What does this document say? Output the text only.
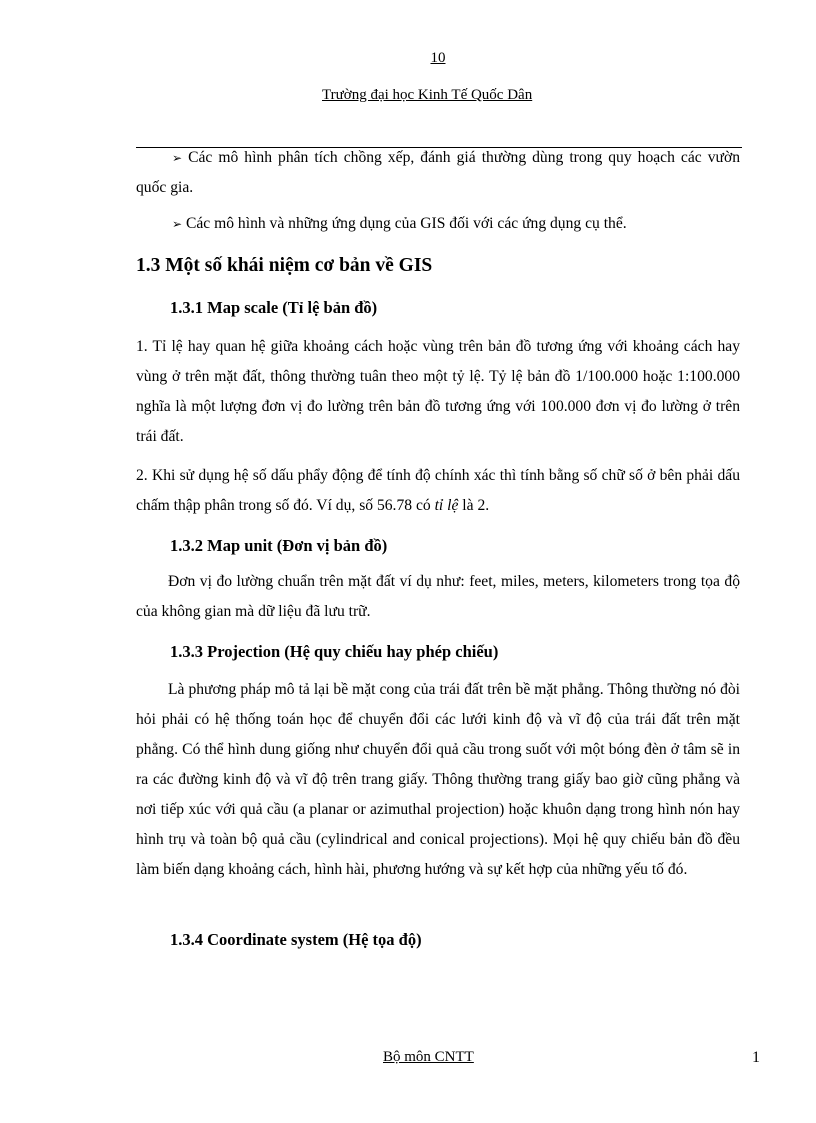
10
Trường đại học Kinh Tế Quốc Dân
➢ Các mô hình phân tích chồng xếp, đánh giá thường dùng trong quy hoạch các vườn quốc gia.
➢ Các mô hình và những ứng dụng của GIS đối với các ứng dụng cụ thể.
1.3 Một số khái niệm cơ bản về GIS
1.3.1 Map scale (Tỉ lệ bản đồ)
1. Tỉ lệ hay quan hệ giữa khoảng cách hoặc vùng trên bản đồ tương ứng với khoảng cách hay vùng ở trên mặt đất, thông thường tuân theo một tỷ lệ. Tỷ lệ bản đồ 1/100.000 hoặc 1:100.000 nghĩa là một lượng đơn vị đo lường trên bản đồ tương ứng với 100.000 đơn vị đo lường ở trên trái đất.
2. Khi sử dụng hệ số dấu phẩy động để tính độ chính xác thì tính bằng số chữ số ở bên phải dấu chấm thập phân trong số đó. Ví dụ, số 56.78 có tỉ lệ là 2.
1.3.2 Map unit (Đơn vị bản đồ)
Đơn vị đo lường chuẩn trên mặt đất ví dụ như: feet, miles, meters, kilometers trong tọa độ của không gian mà dữ liệu đã lưu trữ.
1.3.3 Projection (Hệ quy chiếu hay phép chiếu)
Là phương pháp mô tả lại bề mặt cong của trái đất trên bề mặt phẳng. Thông thường nó đòi hỏi phải có hệ thống toán học để chuyển đổi các lưới kinh độ và vĩ độ của trái đất trên mặt phẳng. Có thể hình dung giống như chuyển đổi quả cầu trong suốt với một bóng đèn ở tâm sẽ in ra các đường kinh độ và vĩ độ trên trang giấy. Thông thường trang giấy bao giờ cũng phẳng và nơi tiếp xúc với quả cầu (a planar or azimuthal projection) hoặc khuôn dạng trong hình nón hay hình trụ và toàn bộ quả cầu (cylindrical and conical projections). Mọi hệ quy chiếu bản đồ đều làm biến dạng khoảng cách, hình hài, phương hướng và sự kết hợp của những yếu tố đó.
1.3.4 Coordinate system (Hệ tọa độ)
Bộ môn CNTT	1
